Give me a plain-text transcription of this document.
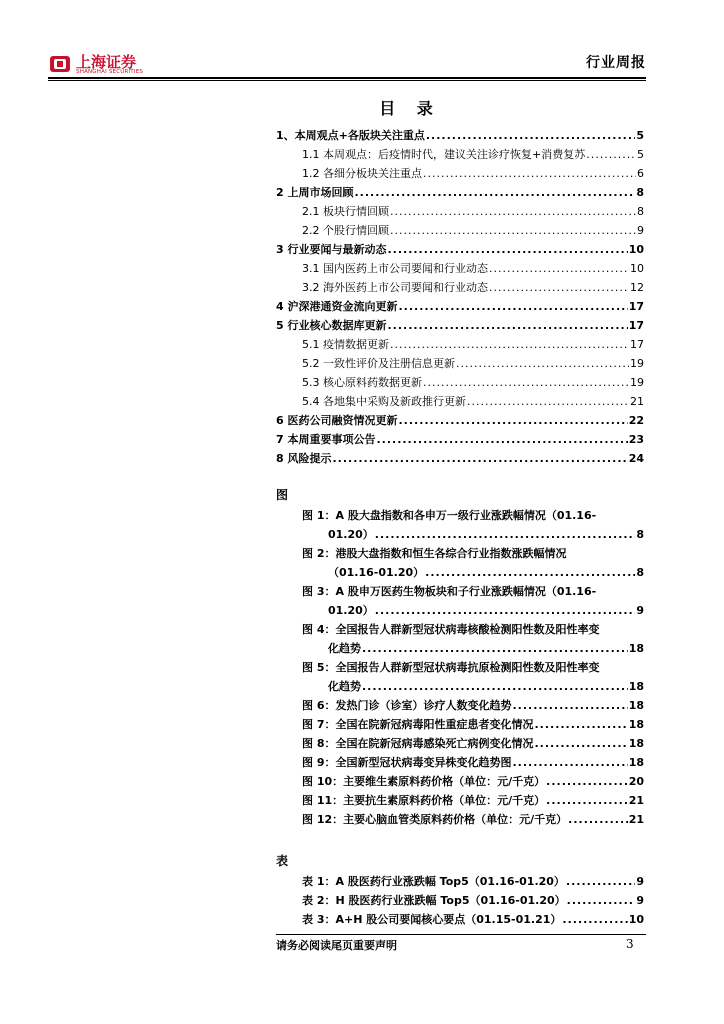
上海证券
SHANGHAI SECURITIES
行业周报
目 录
1、本周观点+各版块关注重点 .....	5
1.1 本周观点：后疫情时代，建议关注诊疗恢复+消费复苏 .....	5
1.2 各细分板块关注重点 .....	6
2 上周市场回顾 .....	8
2.1 板块行情回顾 .....	8
2.2 个股行情回顾 .....	9
3 行业要闻与最新动态 .....	10
3.1 国内医药上市公司要闻和行业动态 .....	10
3.2 海外医药上市公司要闻和行业动态 .....	12
4 沪深港通资金流向更新 .....	17
5 行业核心数据库更新 .....	17
5.1 疫情数据更新 .....	17
5.2 一致性评价及注册信息更新 .....	19
5.3 核心原料药数据更新 .....	19
5.4 各地集中采购及新政推行更新 .....	21
6 医药公司融资情况更新 .....	22
7 本周重要事项公告 .....	23
8 风险提示 .....	24
图
图 1：A 股大盘指数和各申万一级行业涨跌幅情况（01.16-
01.20） .....	8
图 2：港股大盘指数和恒生各综合行业指数涨跌幅情况
（01.16-01.20） .....	8
图 3：A 股申万医药生物板块和子行业涨跌幅情况（01.16-
01.20） .....	9
图 4：全国报告人群新型冠状病毒核酸检测阳性数及阳性率变
化趋势 .....	18
图 5：全国报告人群新型冠状病毒抗原检测阳性数及阳性率变
化趋势 .....	18
图 6：发热门诊（诊室）诊疗人数变化趋势 .....	18
图 7：全国在院新冠病毒阳性重症患者变化情况 .....	18
图 8：全国在院新冠病毒感染死亡病例变化情况 .....	18
图 9：全国新型冠状病毒变异株变化趋势图 .....	18
图 10：主要维生素原料药价格（单位：元/千克） .....	20
图 11：主要抗生素原料药价格（单位：元/千克） .....	21
图 12：主要心脑血管类原料药价格（单位：元/千克） .....	21
表
表 1：A 股医药行业涨跌幅 Top5（01.16-01.20） .....	9
表 2：H 股医药行业涨跌幅 Top5（01.16-01.20） .....	9
表 3：A+H 股公司要闻核心要点（01.15-01.21） .....	10
请务必阅读尾页重要声明	3
